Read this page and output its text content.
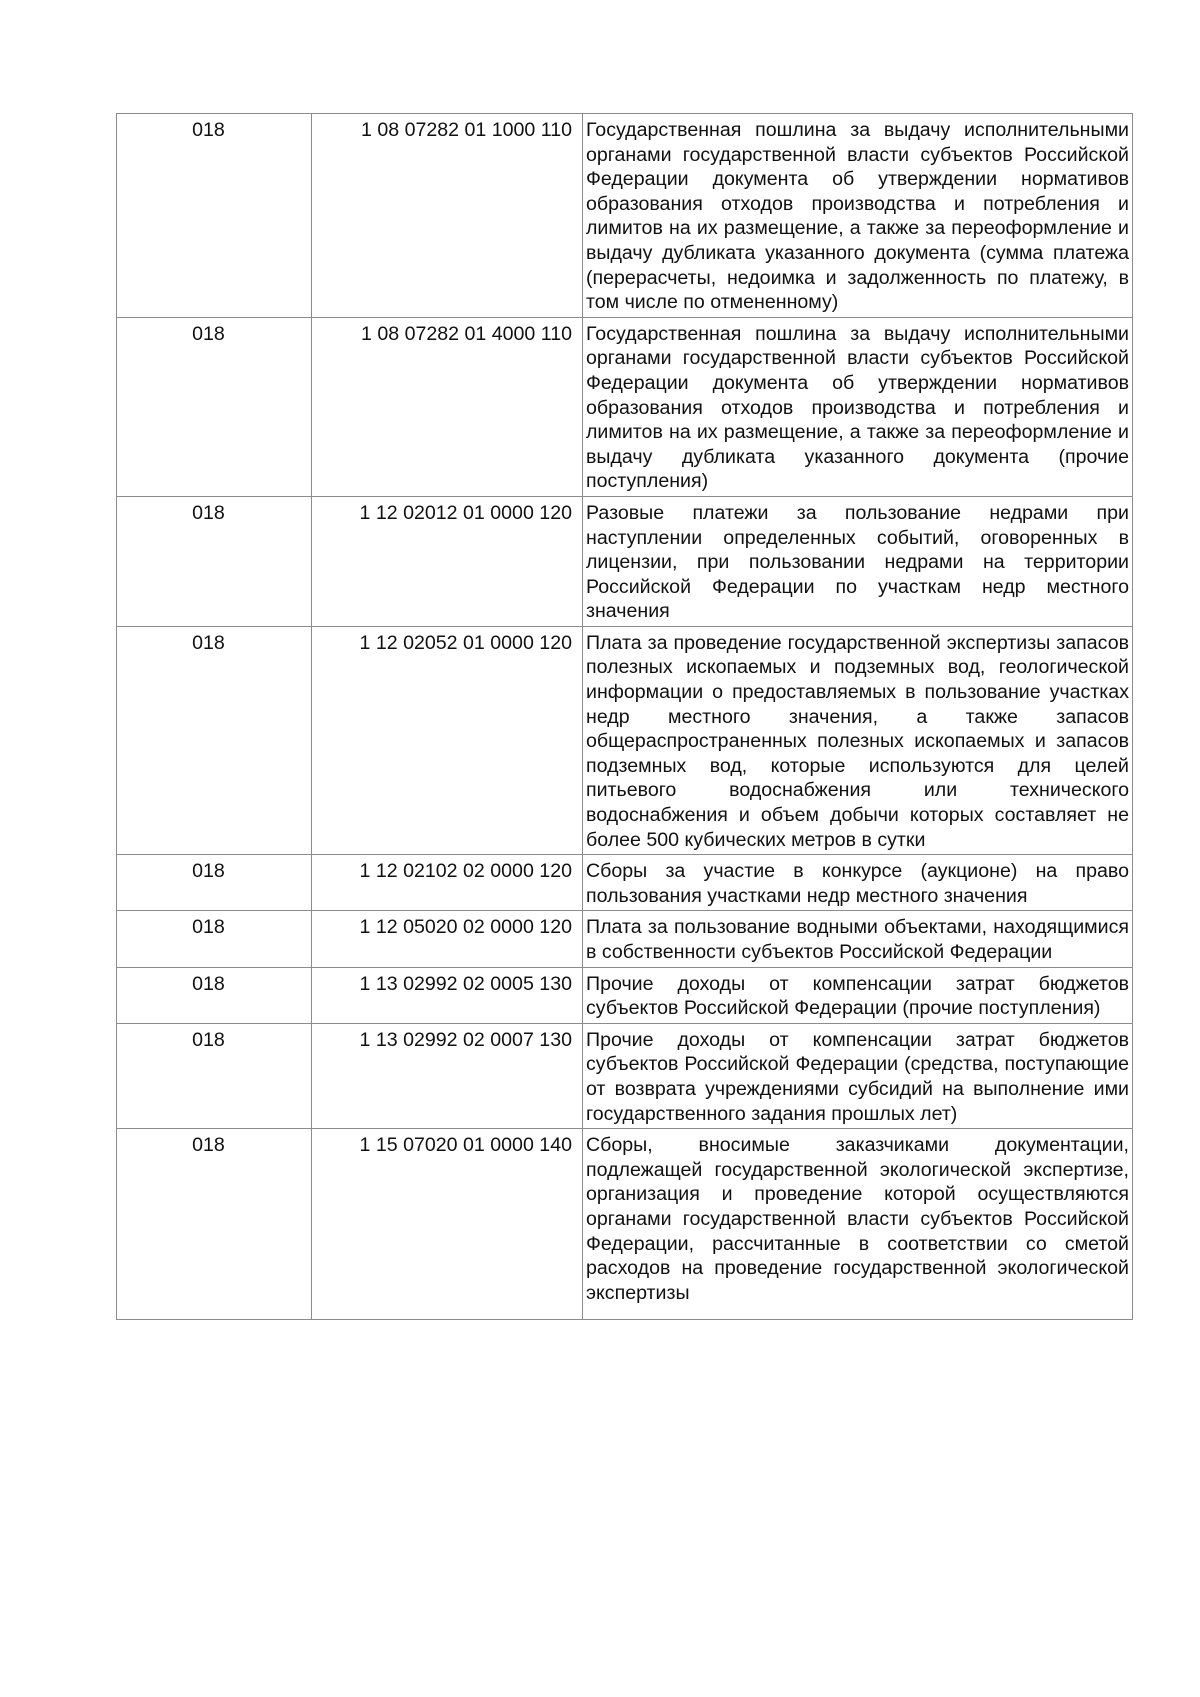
018	1 08 07282 01 1000 110	Государственная пошлина за выдачу исполнительными органами государственной власти субъектов Российской Федерации документа об утверждении нормативов образования отходов производства и потребления и лимитов на их размещение, а также за переоформление и выдачу дубликата указанного документа (сумма платежа (перерасчеты, недоимка и задолженность по платежу, в том числе по отмененному)
018	1 08 07282 01 4000 110	Государственная пошлина за выдачу исполнительными органами государственной власти субъектов Российской Федерации документа об утверждении нормативов образования отходов производства и потребления и лимитов на их размещение, а также за переоформление и выдачу дубликата указанного документа (прочие поступления)
018	1 12 02012 01 0000 120	Разовые платежи за пользование недрами при наступлении определенных событий, оговоренных в лицензии, при пользовании недрами на территории Российской Федерации по участкам недр местного значения
018	1 12 02052 01 0000 120	Плата за проведение государственной экспертизы запасов полезных ископаемых и подземных вод, геологической информации о предоставляемых в пользование участках недр местного значения, а также запасов общераспространенных полезных ископаемых и запасов подземных вод, которые используются для целей питьевого водоснабжения или технического водоснабжения и объем добычи которых составляет не более 500 кубических метров в сутки
018	1 12 02102 02 0000 120	Сборы за участие в конкурсе (аукционе) на право пользования участками недр местного значения
018	1 12 05020 02 0000 120	Плата за пользование водными объектами, находящимися в собственности субъектов Российской Федерации
018	1 13 02992 02 0005 130	Прочие доходы от компенсации затрат бюджетов субъектов Российской Федерации (прочие поступления)
018	1 13 02992 02 0007 130	Прочие доходы от компенсации затрат бюджетов субъектов Российской Федерации (средства, поступающие от возврата учреждениями субсидий на выполнение ими государственного задания прошлых лет)
018	1 15 07020 01 0000 140	Сборы, вносимые заказчиками документации, подлежащей государственной экологической экспертизе, организация и проведение которой осуществляются органами государственной власти субъектов Российской Федерации, рассчитанные в соответствии со сметой расходов на проведение государственной экологической экспертизы
